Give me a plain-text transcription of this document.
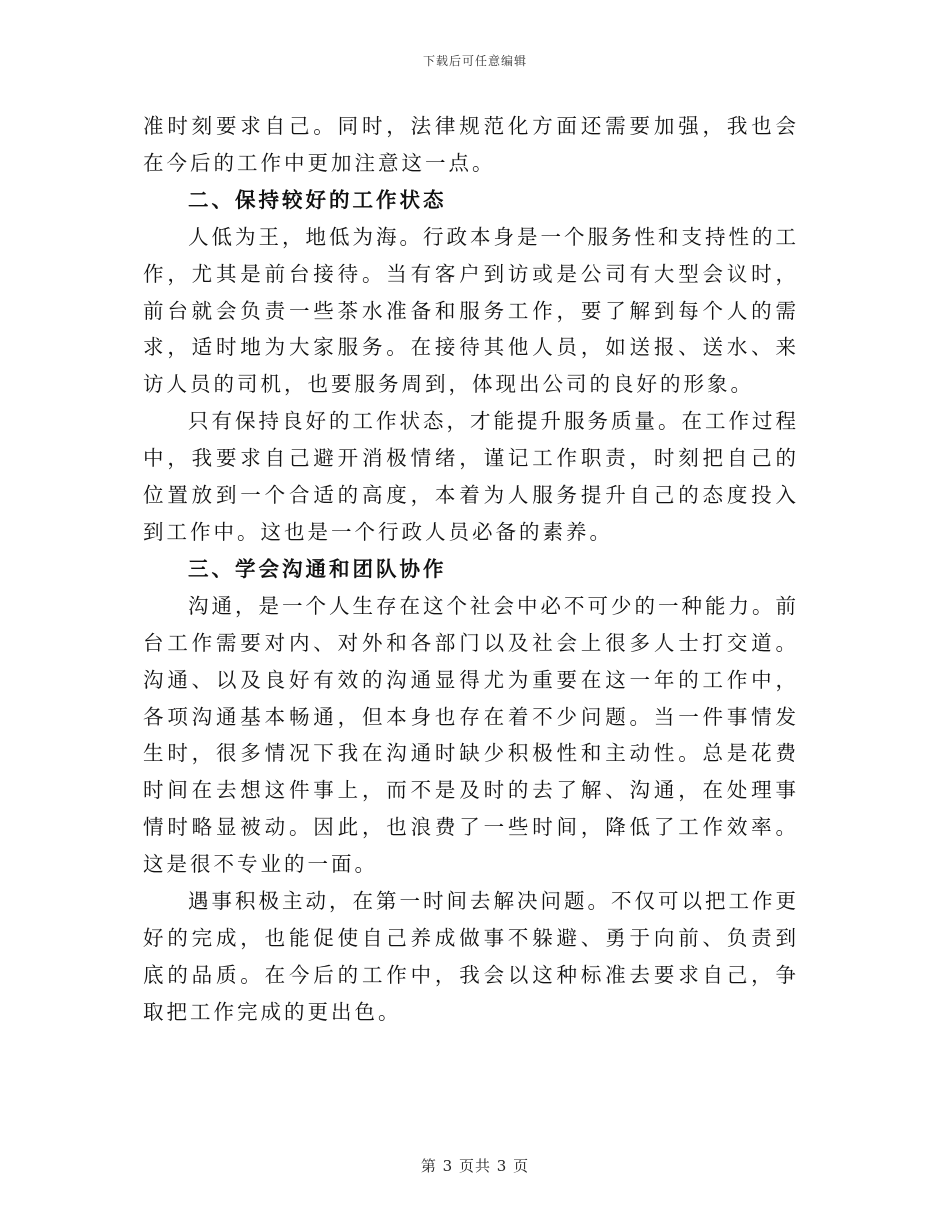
下载后可任意编辑

准时刻要求自己。同时，法律规范化方面还需要加强，我也会在今后的工作中更加注意这一点。

二、保持较好的工作状态

人低为王，地低为海。行政本身是一个服务性和支持性的工作，尤其是前台接待。当有客户到访或是公司有大型会议时，前台就会负责一些茶水准备和服务工作，要了解到每个人的需求，适时地为大家服务。在接待其他人员，如送报、送水、来访人员的司机，也要服务周到，体现出公司的良好的形象。

只有保持良好的工作状态，才能提升服务质量。在工作过程中，我要求自己避开消极情绪，谨记工作职责，时刻把自己的位置放到一个合适的高度，本着为人服务提升自己的态度投入到工作中。这也是一个行政人员必备的素养。

三、学会沟通和团队协作

沟通，是一个人生存在这个社会中必不可少的一种能力。前台工作需要对内、对外和各部门以及社会上很多人士打交道。沟通、以及良好有效的沟通显得尤为重要在这一年的工作中，各项沟通基本畅通，但本身也存在着不少问题。当一件事情发生时，很多情况下我在沟通时缺少积极性和主动性。总是花费时间在去想这件事上，而不是及时的去了解、沟通，在处理事情时略显被动。因此，也浪费了一些时间，降低了工作效率。这是很不专业的一面。

遇事积极主动，在第一时间去解决问题。不仅可以把工作更好的完成，也能促使自己养成做事不躲避、勇于向前、负责到底的品质。在今后的工作中，我会以这种标准去要求自己，争取把工作完成的更出色。

第 3 页共 3 页
